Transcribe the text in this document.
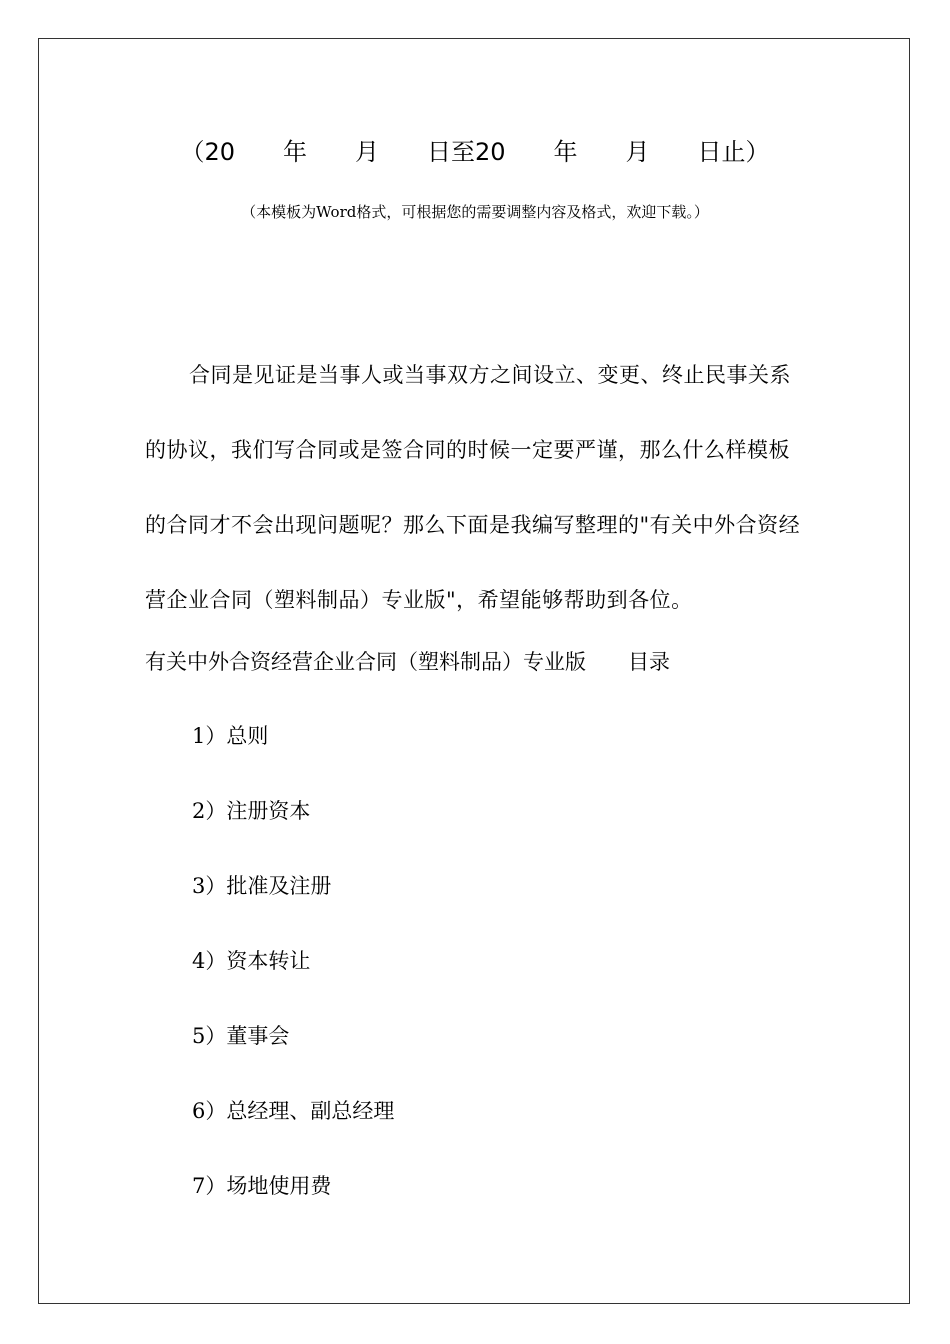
（20　　年　　月　　日至20　　年　　月　　日止）
（本模板为Word格式，可根据您的需要调整内容及格式，欢迎下载。）

合同是见证是当事人或当事双方之间设立、变更、终止民事关系的协议，我们写合同或是签合同的时候一定要严谨，那么什么样模板的合同才不会出现问题呢？那么下面是我编写整理的"有关中外合资经营企业合同（塑料制品）专业版"，希望能够帮助到各位。

有关中外合资经营企业合同（塑料制品）专业版　　目录
1）总则
2）注册资本
3）批准及注册
4）资本转让
5）董事会
6）总经理、副总经理
7）场地使用费
